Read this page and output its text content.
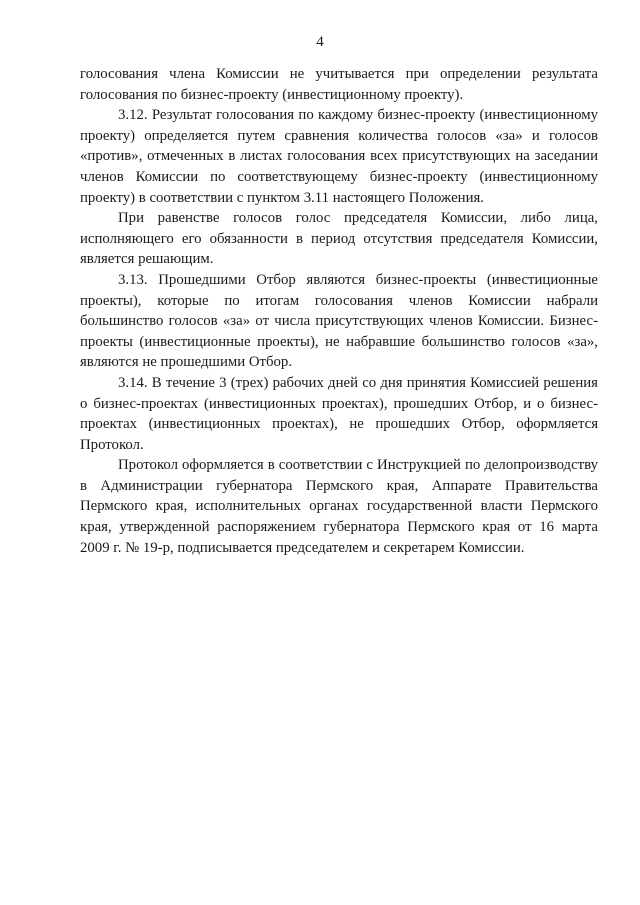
4

голосования члена Комиссии не учитывается при определении результата голосования по бизнес-проекту (инвестиционному проекту).

3.12. Результат голосования по каждому бизнес-проекту (инвестиционному проекту) определяется путем сравнения количества голосов «за» и голосов «против», отмеченных в листах голосования всех присутствующих на заседании членов Комиссии по соответствующему бизнес-проекту (инвестиционному проекту) в соответствии с пунктом 3.11 настоящего Положения.

При равенстве голосов голос председателя Комиссии, либо лица, исполняющего его обязанности в период отсутствия председателя Комиссии, является решающим.

3.13. Прошедшими Отбор являются бизнес-проекты (инвестиционные проекты), которые по итогам голосования членов Комиссии набрали большинство голосов «за» от числа присутствующих членов Комиссии. Бизнес-проекты (инвестиционные проекты), не набравшие большинство голосов «за», являются не прошедшими Отбор.

3.14. В течение 3 (трех) рабочих дней со дня принятия Комиссией решения о бизнес-проектах (инвестиционных проектах), прошедших Отбор, и о бизнес-проектах (инвестиционных проектах), не прошедших Отбор, оформляется Протокол.

Протокол оформляется в соответствии с Инструкцией по делопроизводству в Администрации губернатора Пермского края, Аппарате Правительства Пермского края, исполнительных органах государственной власти Пермского края, утвержденной распоряжением губернатора Пермского края от 16 марта 2009 г. № 19-р, подписывается председателем и секретарем Комиссии.
